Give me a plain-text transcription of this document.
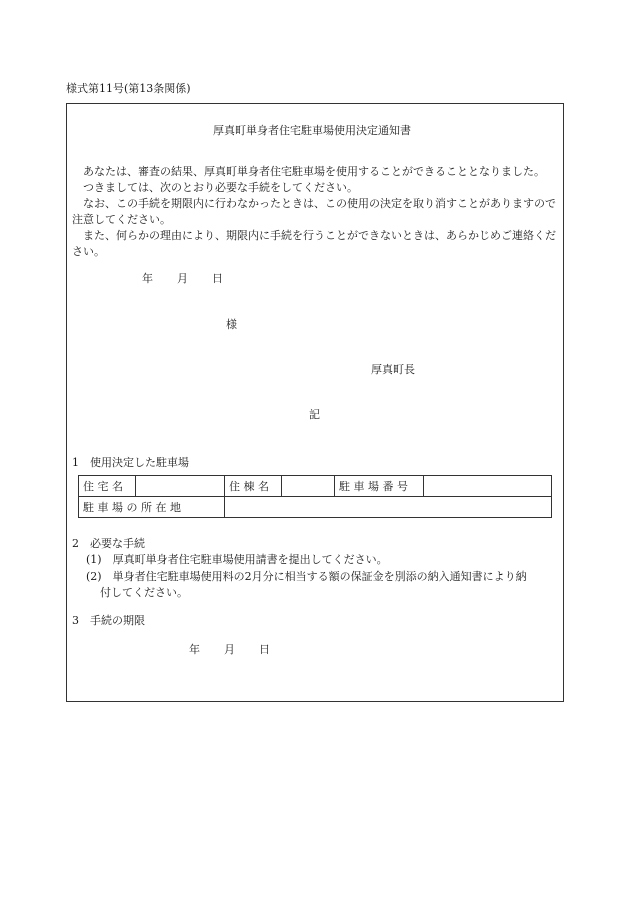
様式第11号(第13条関係)
厚真町単身者住宅駐車場使用決定通知書
あなたは、審査の結果、厚真町単身者住宅駐車場を使用することができることとなりました。
つきましては、次のとおり必要な手続をしてください。
なお、この手続を期限内に行わなかったときは、この使用の決定を取り消すことがありますので注意してください。
また、何らかの理由により、期限内に手続を行うことができないときは、あらかじめご連絡ください。
年 月 日
様
厚真町長
記
1　使用決定した駐車場
住 宅 名		住 棟 名		駐 車 場 番 号	
駐 車 場 の 所 在 地					
2　必要な手続
(1)　厚真町単身者住宅駐車場使用請書を提出してください。
(2)　単身者住宅駐車場使用料の2月分に相当する額の保証金を別添の納入通知書により納
付してください。
3　手続の期限
年 月 日
